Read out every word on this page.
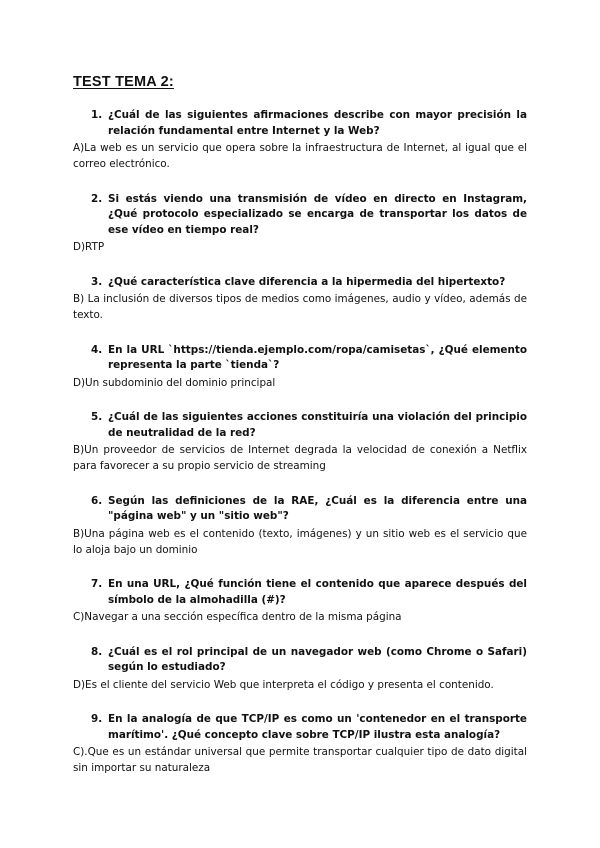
TEST TEMA 2:
1. ¿Cuál de las siguientes afirmaciones describe con mayor precisión la relación fundamental entre Internet y la Web?

A)La web es un servicio que opera sobre la infraestructura de Internet, al igual que el correo electrónico.

2. Si estás viendo una transmisión de vídeo en directo en Instagram, ¿Qué protocolo especializado se encarga de transportar los datos de ese vídeo en tiempo real?

D)RTP

3. ¿Qué característica clave diferencia a la hipermedia del hipertexto?

B) La inclusión de diversos tipos de medios como imágenes, audio y vídeo, además de texto.

4. En la URL `https://tienda.ejemplo.com/ropa/camisetas`, ¿Qué elemento representa la parte `tienda`?

D)Un subdominio del dominio principal

5. ¿Cuál de las siguientes acciones constituiría una violación del principio de neutralidad de la red?

B)Un proveedor de servicios de Internet degrada la velocidad de conexión a Netflix para favorecer a su propio servicio de streaming

6. Según las definiciones de la RAE, ¿Cuál es la diferencia entre una "página web" y un "sitio web"?

B)Una página web es el contenido (texto, imágenes) y un sitio web es el servicio que lo aloja bajo un dominio

7. En una URL, ¿Qué función tiene el contenido que aparece después del símbolo de la almohadilla (#)?

C)Navegar a una sección específica dentro de la misma página

8. ¿Cuál es el rol principal de un navegador web (como Chrome o Safari) según lo estudiado?

D)Es el cliente del servicio Web que interpreta el código y presenta el contenido.

9. En la analogía de que TCP/IP es como un 'contenedor en el transporte marítimo'. ¿Qué concepto clave sobre TCP/IP ilustra esta analogía?

C).Que es un estándar universal que permite transportar cualquier tipo de dato digital sin importar su naturaleza
